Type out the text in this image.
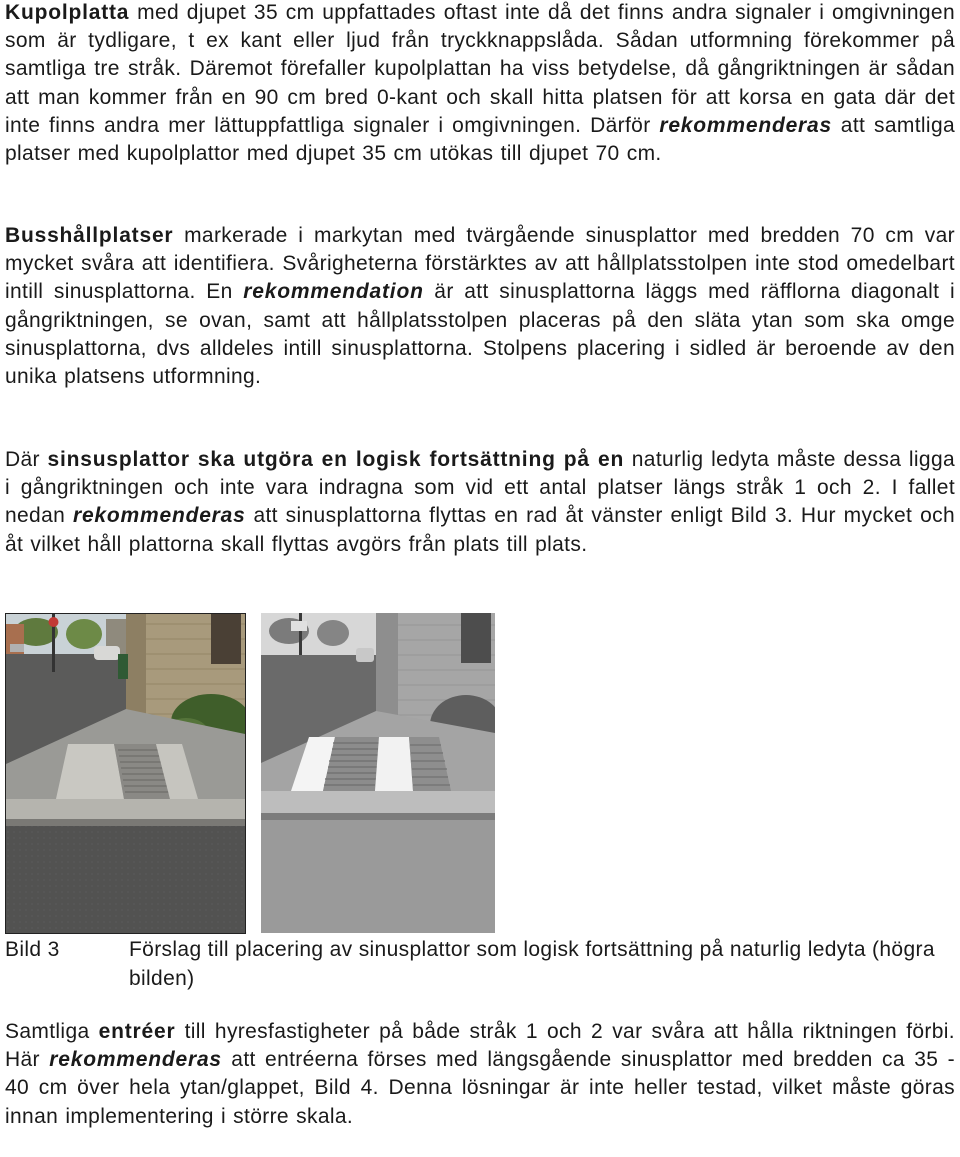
Kupolplatta med djupet 35 cm uppfattades oftast inte då det finns andra signaler i omgivningen som är tydligare, t ex kant eller ljud från tryckknappslåda. Sådan utformning förekommer på samtliga tre stråk. Däremot förefaller kupolplattan ha viss betydelse, då gångriktningen är sådan att man kommer från en 90 cm bred 0-kant och skall hitta platsen för att korsa en gata där det inte finns andra mer lättuppfattliga signaler i omgivningen. Därför rekommenderas att samtliga platser med kupolplattor med djupet 35 cm utökas till djupet 70 cm.

Busshållplatser markerade i markytan med tvärgående sinusplattor med bredden 70 cm var mycket svåra att identifiera. Svårigheterna förstärktes av att hållplatsstolpen inte stod omedelbart intill sinusplattorna. En rekommendation är att sinusplattorna läggs med räfflorna diagonalt i gångriktningen, se ovan, samt att hållplatsstolpen placeras på den släta ytan som ska omge sinusplattorna, dvs alldeles intill sinusplattorna. Stolpens placering i sidled är beroende av den unika platsens utformning.

Där sinsusplattor ska utgöra en logisk fortsättning på en naturlig ledyta måste dessa ligga i gångriktningen och inte vara indragna som vid ett antal platser längs stråk 1 och 2. I fallet nedan rekommenderas att sinusplattorna flyttas en rad åt vänster enligt Bild 3. Hur mycket och åt vilket håll plattorna skall flyttas avgörs från plats till plats.

Bild 3	Förslag till placering av sinusplattor som logisk fortsättning på naturlig ledyta (högra bilden)

Samtliga entréer till hyresfastigheter på både stråk 1 och 2 var svåra att hålla riktningen förbi. Här rekommenderas att entréerna förses med längsgående sinusplattor med bredden ca 35 - 40 cm över hela ytan/glappet, Bild 4. Denna lösningar är inte heller testad, vilket måste göras innan implementering i större skala.
